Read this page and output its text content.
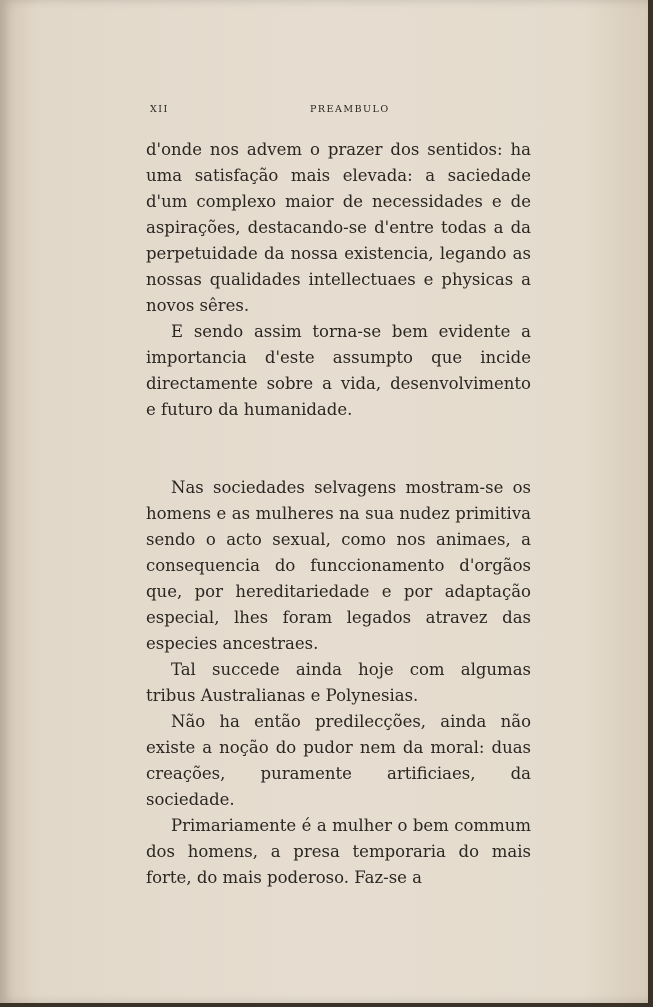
XII	PREAMBULO

d'onde nos advem o prazer dos sentidos: ha uma satisfação mais elevada: a saciedade d'um complexo maior de necessidades e de aspirações, destacando-se d'entre todas a da perpetuidade da nossa existencia, legando as nossas qualidades intellectuaes e physicas a novos sêres.

E sendo assim torna-se bem evidente a importancia d'este assumpto que incide directamente sobre a vida, desenvolvimento e futuro da humanidade.

Nas sociedades selvagens mostram-se os homens e as mulheres na sua nudez primitiva sendo o acto sexual, como nos animaes, a consequencia do funccionamento d'orgãos que, por hereditariedade e por adaptação especial, lhes foram legados atravez das especies ancestraes.

Tal succede ainda hoje com algumas tribus Australianas e Polynesias.

Não ha então predilecções, ainda não existe a noção do pudor nem da moral: duas creações, puramente artificiaes, da sociedade.

Primariamente é a mulher o bem commum dos homens, a presa temporaria do mais forte, do mais poderoso. Faz-se a
